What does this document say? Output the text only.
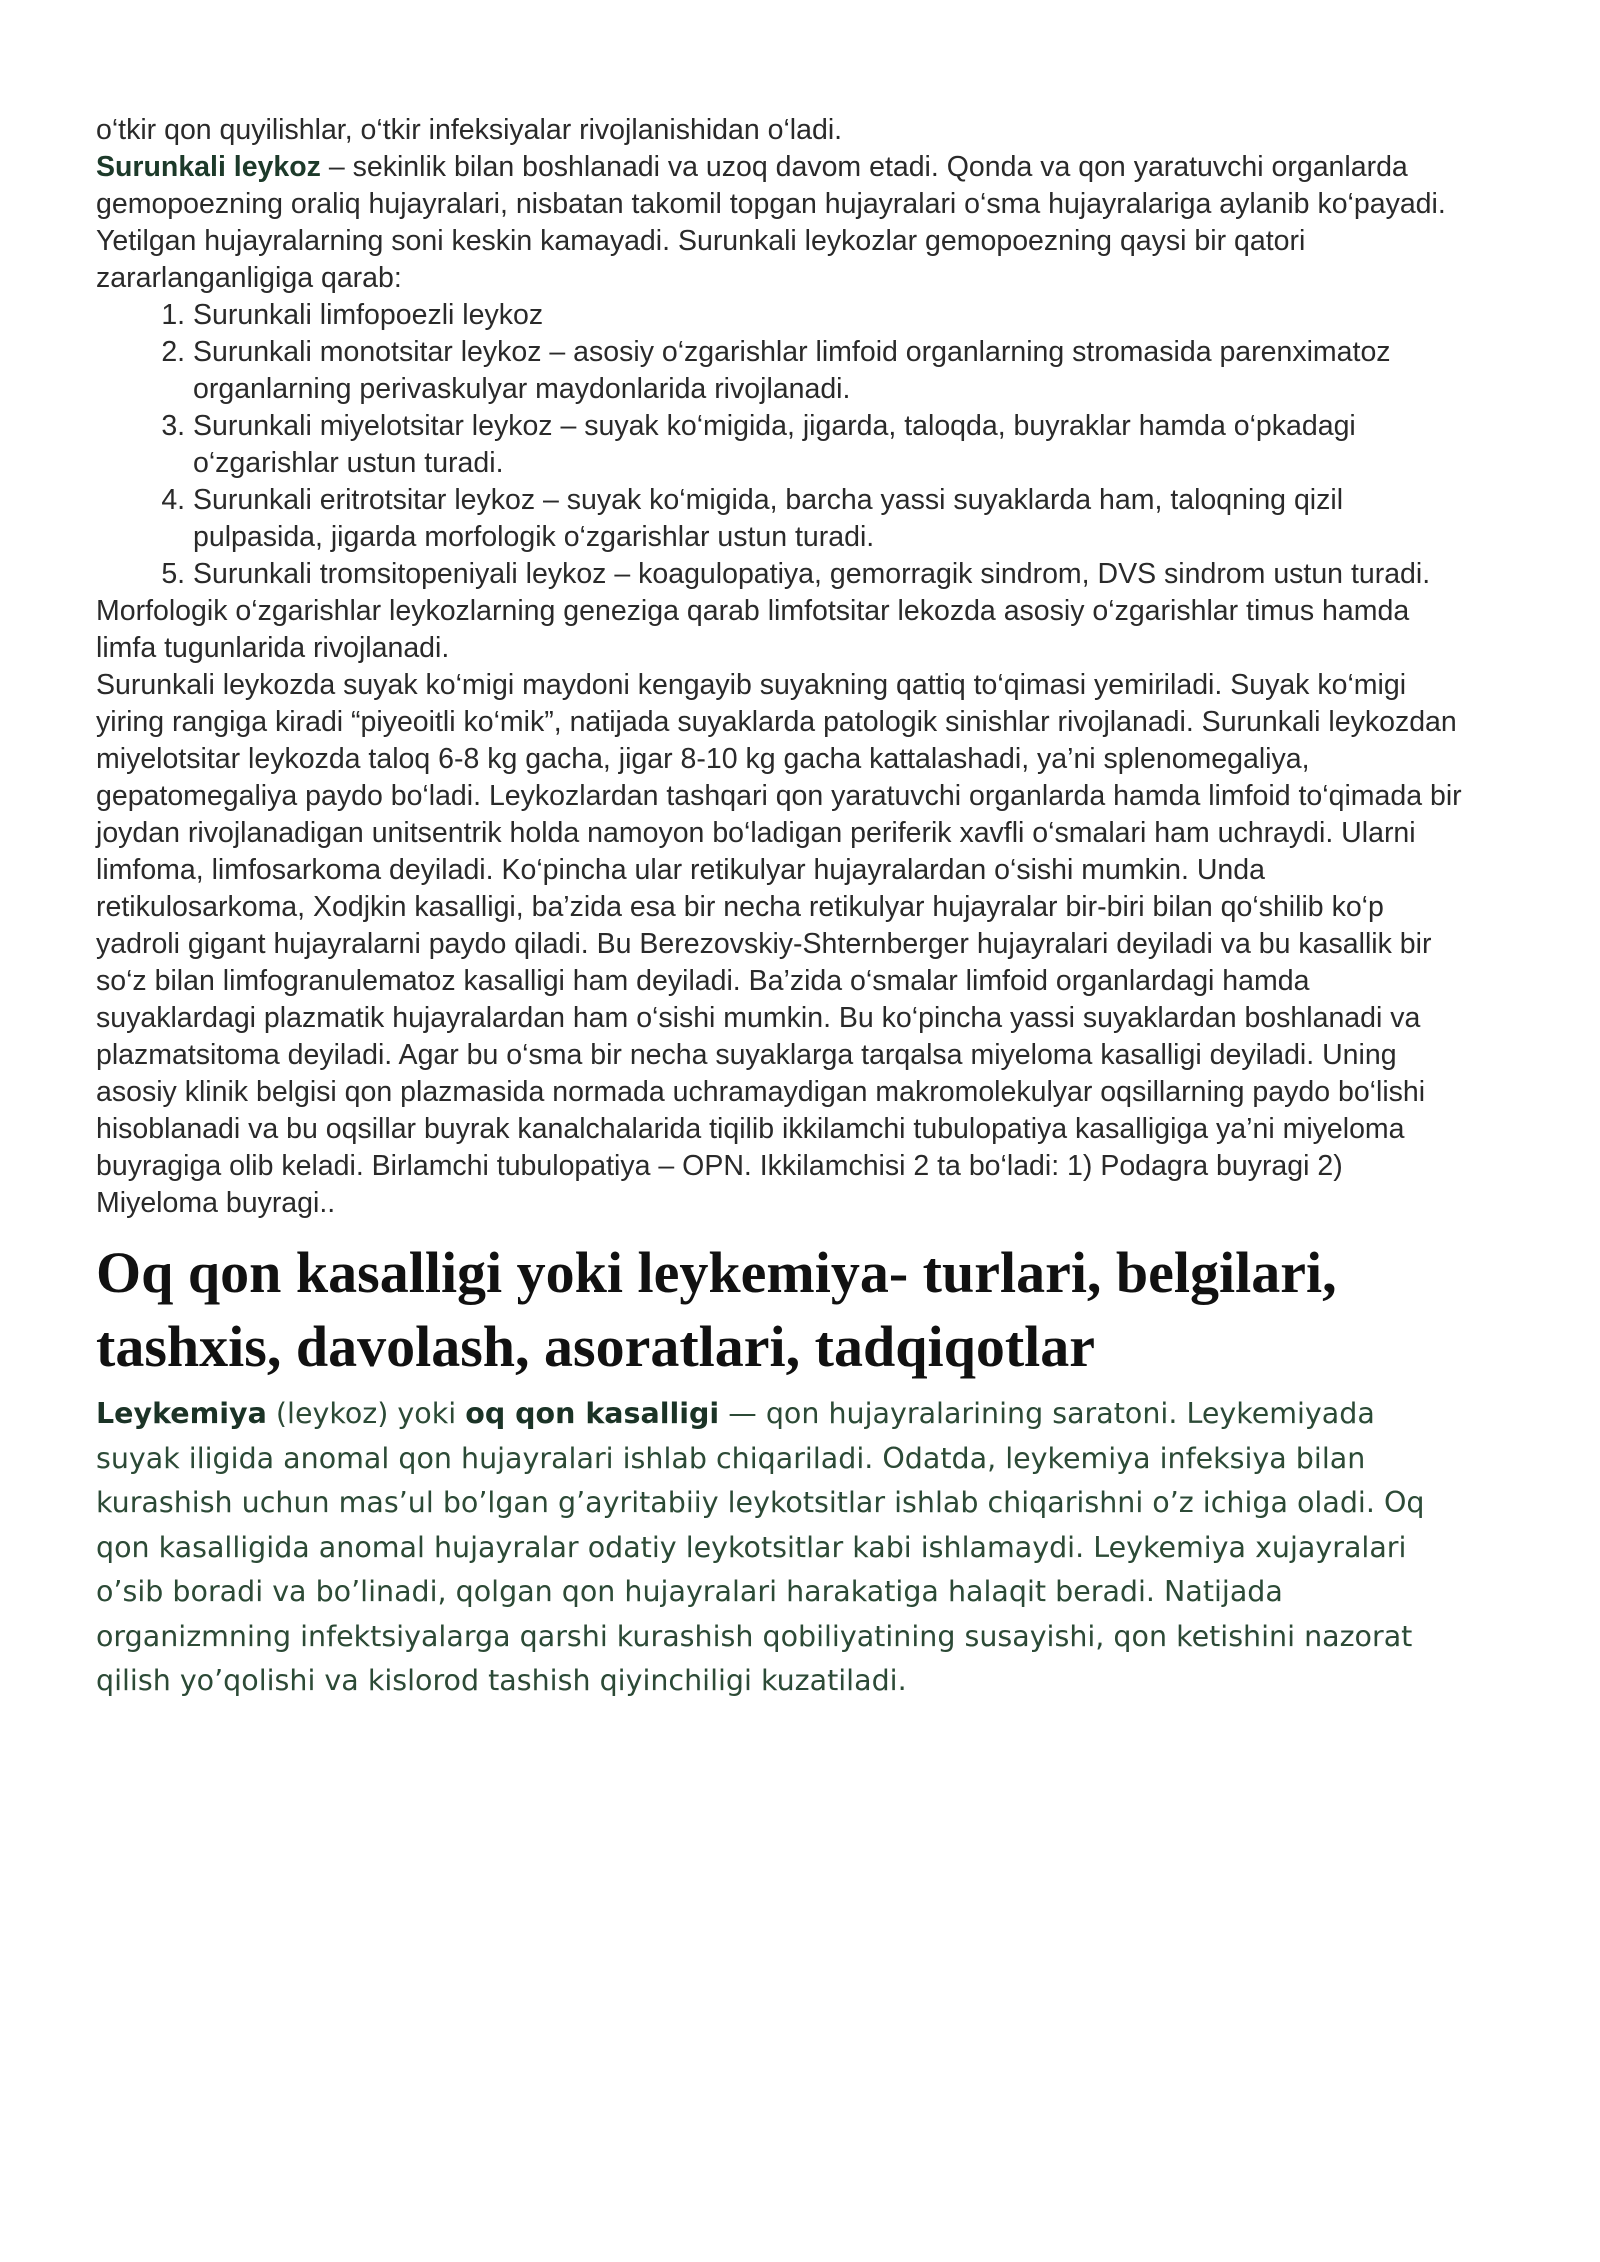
o‘tkir qon quyilishlar, o‘tkir infeksiyalar rivojlanishidan o‘ladi.
Surunkali leykoz – sekinlik bilan boshlanadi va uzoq davom etadi. Qonda va qon yaratuvchi organlarda gemopoezning oraliq hujayralari, nisbatan takomil topgan hujayralari o‘sma hujayralariga aylanib ko‘payadi. Yetilgan hujayralarning soni keskin kamayadi. Surunkali leykozlar gemopoezning qaysi bir qatori zararlanganligiga qarab:

1. Surunkali limfopoezli leykoz
2. Surunkali monotsitar leykoz – asosiy o‘zgarishlar limfoid organlarning stromasida parenximatoz organlarning perivaskulyar maydonlarida rivojlanadi.
3. Surunkali miyelotsitar leykoz – suyak ko‘migida, jigarda, taloqda, buyraklar hamda o‘pkadagi o‘zgarishlar ustun turadi.
4. Surunkali eritrotsitar leykoz – suyak ko‘migida, barcha yassi suyaklarda ham, taloqning qizil pulpasida, jigarda morfologik o‘zgarishlar ustun turadi.
5. Surunkali tromsitopeniyali leykoz – koagulopatiya, gemorragik sindrom, DVS sindrom ustun turadi.

Morfologik o‘zgarishlar leykozlarning geneziga qarab limfotsitar lekozda asosiy o‘zgarishlar timus hamda limfa tugunlarida rivojlanadi.

Surunkali leykozda suyak ko‘migi maydoni kengayib suyakning qattiq to‘qimasi yemiriladi. Suyak ko‘migi yiring rangiga kiradi “piyeoitli ko‘mik”, natijada suyaklarda patologik sinishlar rivojlanadi. Surunkali leykozdan miyelotsitar leykozda taloq 6-8 kg gacha, jigar 8-10 kg gacha kattalashadi, ya’ni splenomegaliya, gepatomegaliya paydo bo‘ladi. Leykozlardan tashqari qon yaratuvchi organlarda hamda limfoid to‘qimada bir joydan rivojlanadigan unitsentrik holda namoyon bo‘ladigan periferik xavfli o‘smalari ham uchraydi. Ularni limfoma, limfosarkoma deyiladi. Ko‘pincha ular retikulyar hujayralardan o‘sishi mumkin. Unda retikulosarkoma, Xodjkin kasalligi, ba’zida esa bir necha retikulyar hujayralar bir-biri bilan qo‘shilib ko‘p yadroli gigant hujayralarni paydo qiladi. Bu Berezovskiy-Shternberger hujayralari deyiladi va bu kasallik bir so‘z bilan limfogranulematoz kasalligi ham deyiladi. Ba’zida o‘smalar limfoid organlardagi hamda suyaklardagi plazmatik hujayralardan ham o‘sishi mumkin. Bu ko‘pincha yassi suyaklardan boshlanadi va plazmatsitoma deyiladi. Agar bu o‘sma bir necha suyaklarga tarqalsa miyeloma kasalligi deyiladi. Uning asosiy klinik belgisi qon plazmasida normada uchramaydigan makromolekulyar oqsillarning paydo bo‘lishi hisoblanadi va bu oqsillar buyrak kanalchalarida tiqilib ikkilamchi tubulopatiya kasalligiga ya’ni miyeloma buyragiga olib keladi. Birlamchi tubulopatiya – OPN. Ikkilamchisi 2 ta bo‘ladi: 1) Podagra buyragi 2) Miyeloma buyragi..

Oq qon kasalligi yoki leykemiya- turlari, belgilari, tashxis, davolash, asoratlari, tadqiqotlar

Leykemiya (leykoz) yoki oq qon kasalligi — qon hujayralarining saratoni. Leykemiyada suyak iligida anomal qon hujayralari ishlab chiqariladi. Odatda, leykemiya infeksiya bilan kurashish uchun mas’ul bo’lgan g’ayritabiiy leykotsitlar ishlab chiqarishni o’z ichiga oladi. Oq qon kasalligida anomal hujayralar odatiy leykotsitlar kabi ishlamaydi. Leykemiya xujayralari o’sib boradi va bo’linadi, qolgan qon hujayralari harakatiga halaqit beradi. Natijada organizmning infektsiyalarga qarshi kurashish qobiliyatining susayishi, qon ketishini nazorat qilish yo’qolishi va kislorod tashish qiyinchiligi kuzatiladi.
